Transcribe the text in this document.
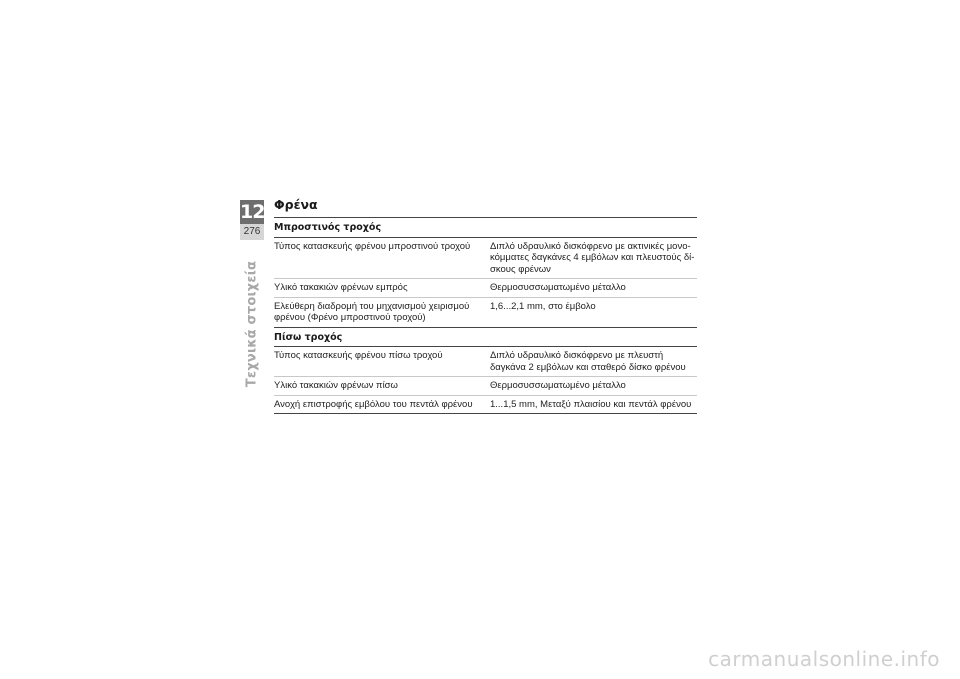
12
276
Τεχνικά στοιχεία
Φρένα
Μπροστινός τροχός	
Τύπος κατασκευής φρένου μπροστινού τροχού	Διπλό υδραυλικό δισκόφρενο με ακτινικές μονοκόμματες δαγκάνες 4 εμβόλων και πλευστούς δίσκους φρένων
Υλικό τακακιών φρένων εμπρός	Θερμοσυσσωματωμένο μέταλλο
Ελεύθερη διαδρομή του μηχανισμού χειρισμού φρένου (Φρένο μπροστινού τροχού)	1,6...2,1 mm, στο έμβολο
Πίσω τροχός	
Τύπος κατασκευής φρένου πίσω τροχού	Διπλό υδραυλικό δισκόφρενο με πλευστή δαγκάνα 2 εμβόλων και σταθερό δίσκο φρένου
Υλικό τακακιών φρένων πίσω	Θερμοσυσσωματωμένο μέταλλο
Ανοχή επιστροφής εμβόλου του πεντάλ φρένου	1...1,5 mm, Μεταξύ πλαισίου και πεντάλ φρένου
carmanualsonline.info
